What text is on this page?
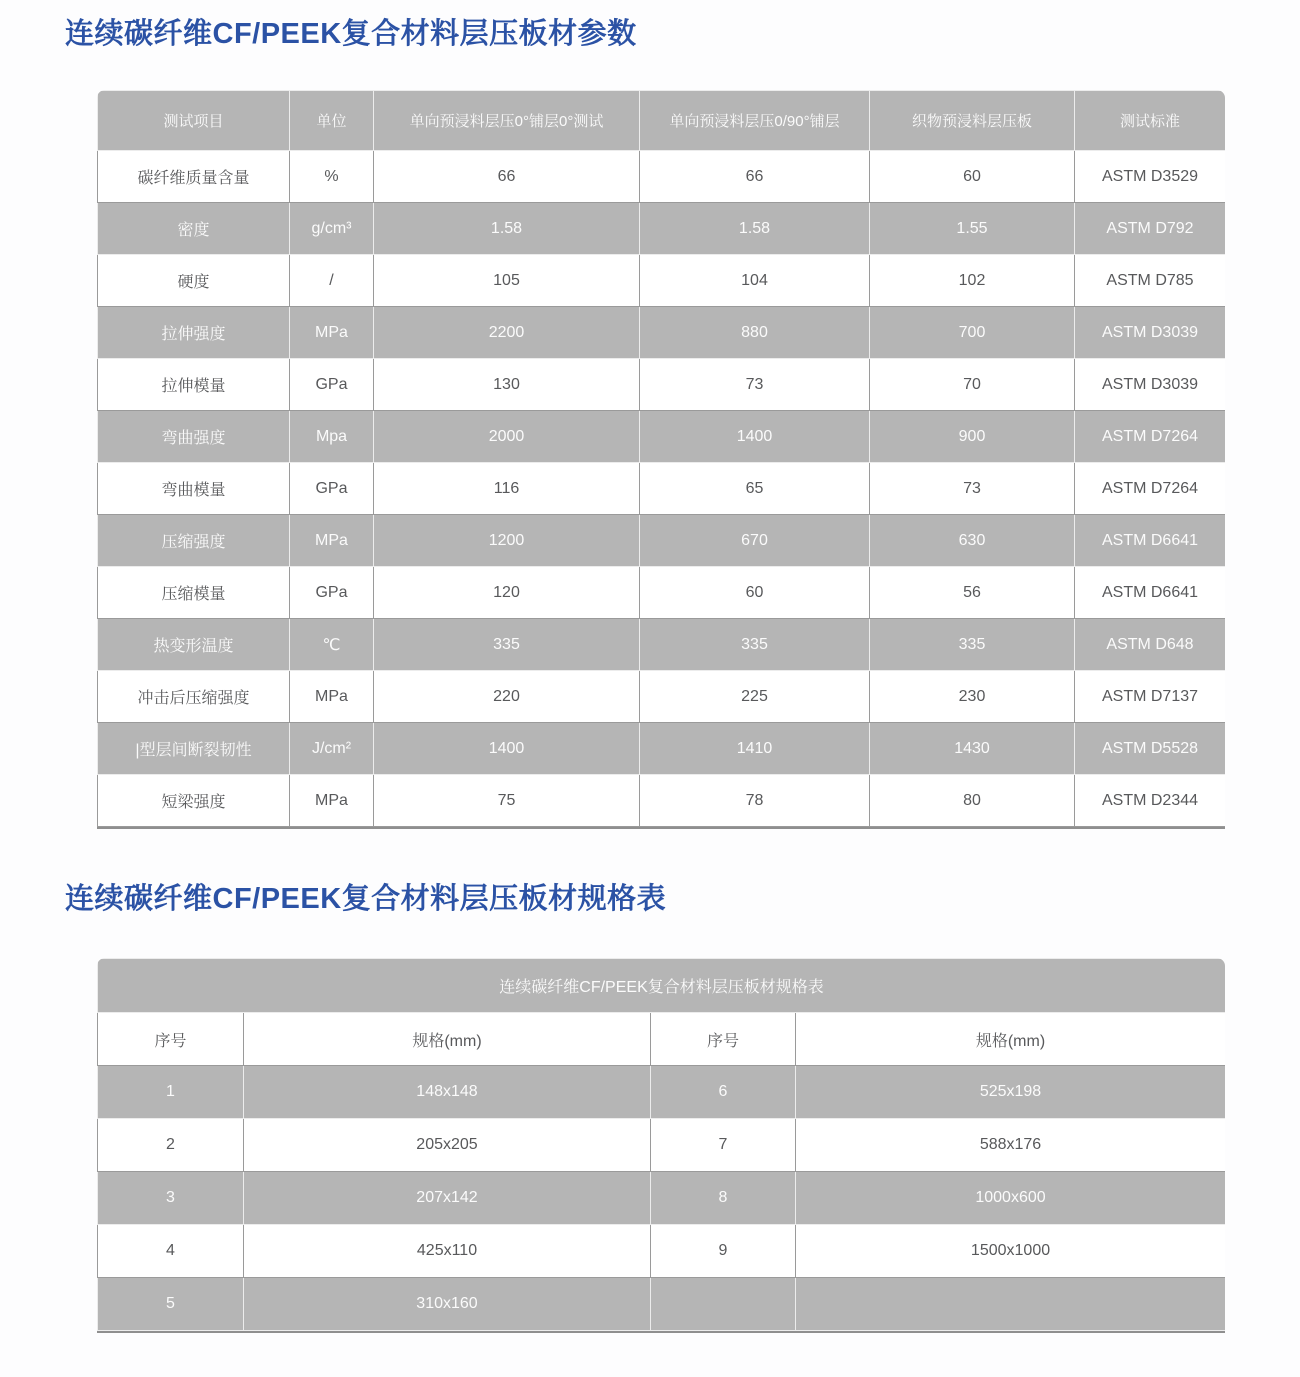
连续碳纤维CF/PEEK复合材料层压板材参数
测试项目	单位	单向预浸料层压0°铺层0°测试	单向预浸料层压0/90°铺层	织物预浸料层压板	测试标准
碳纤维质量含量	%	66	66	60	ASTM D3529
密度	g/cm³	1.58	1.58	1.55	ASTM D792
硬度	/	105	104	102	ASTM D785
拉伸强度	MPa	2200	880	700	ASTM D3039
拉伸模量	GPa	130	73	70	ASTM D3039
弯曲强度	Mpa	2000	1400	900	ASTM D7264
弯曲模量	GPa	116	65	73	ASTM D7264
压缩强度	MPa	1200	670	630	ASTM D6641
压缩模量	GPa	120	60	56	ASTM D6641
热变形温度	℃	335	335	335	ASTM D648
冲击后压缩强度	MPa	220	225	230	ASTM D7137
|型层间断裂韧性	J/cm²	1400	1410	1430	ASTM D5528
短梁强度	MPa	75	78	80	ASTM D2344
连续碳纤维CF/PEEK复合材料层压板材规格表
连续碳纤维CF/PEEK复合材料层压板材规格表			
序号	规格(mm)	序号	规格(mm)
1	148x148	6	525x198
2	205x205	7	588x176
3	207x142	8	1000x600
4	425x110	9	1500x1000
5	310x160		
